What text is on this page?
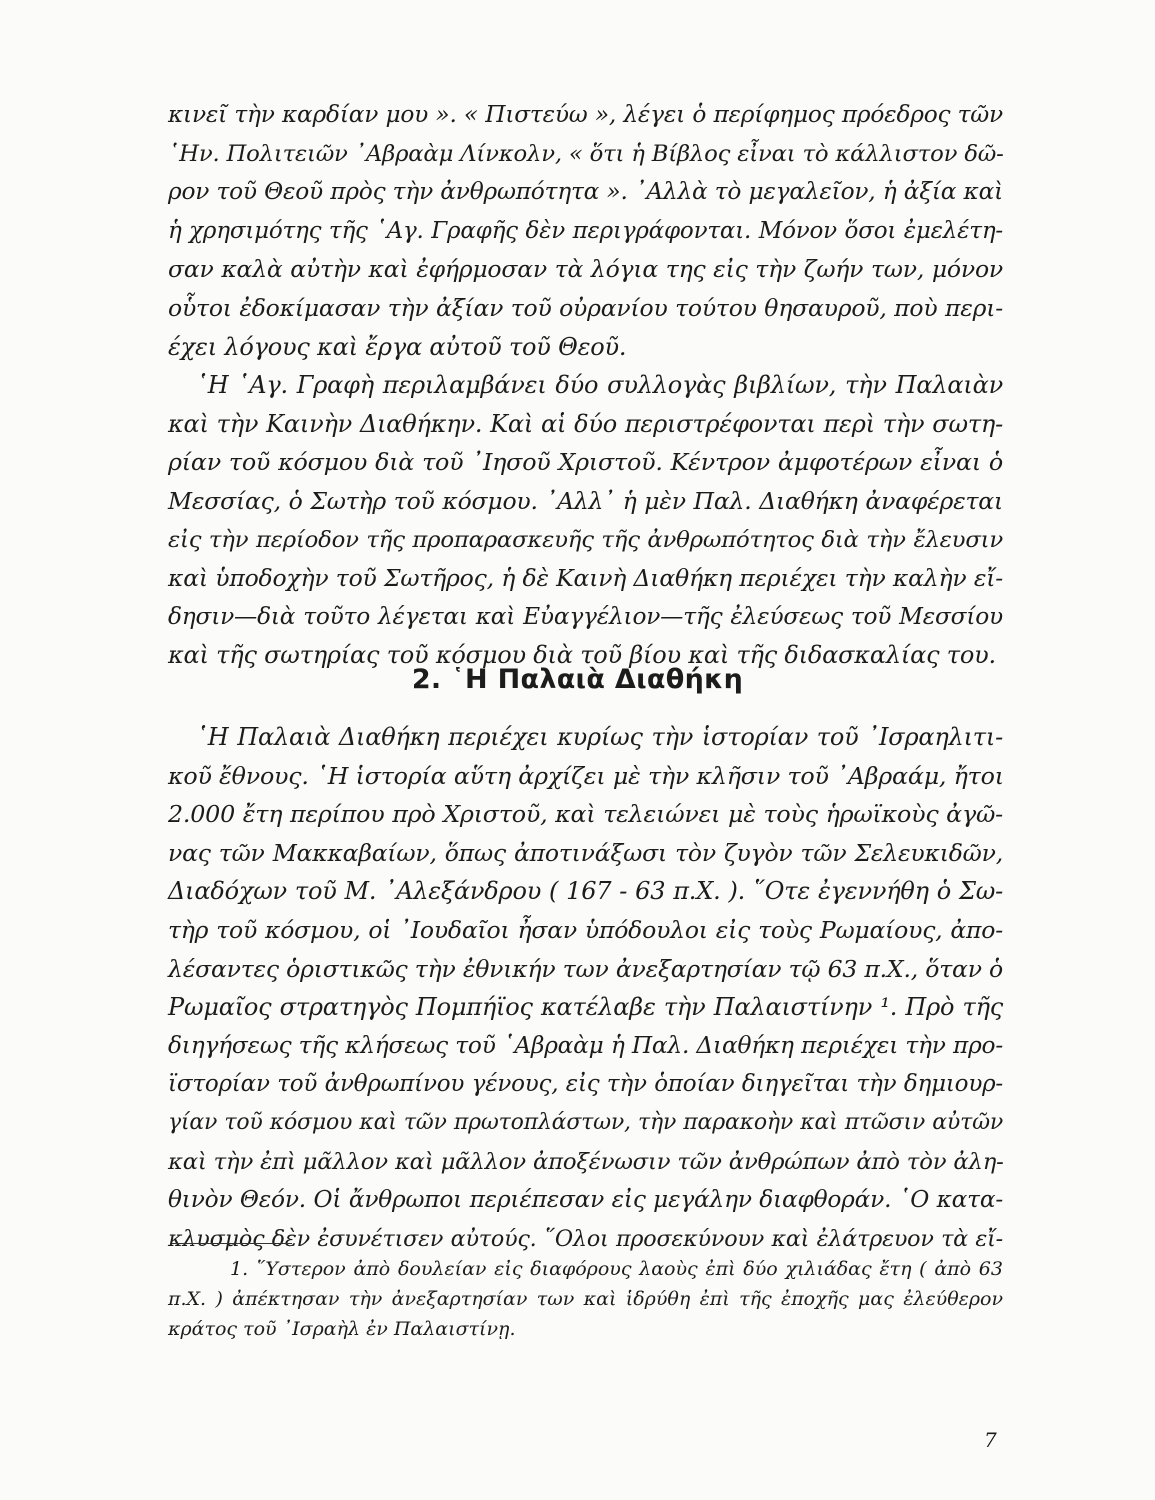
κινεῖ τὴν καρδίαν μου ». « Πιστεύω », λέγει ὁ περίφημος πρόεδρος τῶν
῾Ην. Πολιτειῶν ᾿Αβραὰμ Λίνκολν, « ὅτι ἡ Βίβλος εἶναι τὸ κάλλιστον δῶ-
ρον τοῦ Θεοῦ πρὸς τὴν ἀνθρωπότητα ». ᾿Αλλὰ τὸ μεγαλεῖον, ἡ ἀξία καὶ
ἡ χρησιμότης τῆς ῾Αγ. Γραφῆς δὲν περιγράφονται. Μόνον ὅσοι ἐμελέτη-
σαν καλὰ αὐτὴν καὶ ἐφήρμοσαν τὰ λόγια της εἰς τὴν ζωήν των, μόνον
οὗτοι ἐδοκίμασαν τὴν ἀξίαν τοῦ οὐρανίου τούτου θησαυροῦ, ποὺ περι-
έχει λόγους καὶ ἔργα αὐτοῦ τοῦ Θεοῦ.
῾Η ῾Αγ. Γραφὴ περιλαμβάνει δύο συλλογὰς βιβλίων, τὴν Παλαιὰν
καὶ τὴν Καινὴν Διαθήκην. Καὶ αἱ δύο περιστρέφονται περὶ τὴν σωτη-
ρίαν τοῦ κόσμου διὰ τοῦ ᾿Ιησοῦ Χριστοῦ. Κέντρον ἀμφοτέρων εἶναι ὁ
Μεσσίας, ὁ Σωτὴρ τοῦ κόσμου. ᾿Αλλ᾿ ἡ μὲν Παλ. Διαθήκη ἀναφέρεται
εἰς τὴν περίοδον τῆς προπαρασκευῆς τῆς ἀνθρωπότητος διὰ τὴν ἔλευσιν
καὶ ὑποδοχὴν τοῦ Σωτῆρος, ἡ δὲ Καινὴ Διαθήκη περιέχει τὴν καλὴν εἴ-
δησιν—διὰ τοῦτο λέγεται καὶ Εὐαγγέλιον—τῆς ἐλεύσεως τοῦ Μεσσίου
καὶ τῆς σωτηρίας τοῦ κόσμου διὰ τοῦ βίου καὶ τῆς διδασκαλίας του.
2. ῾Η Παλαιὰ Διαθήκη
῾Η Παλαιὰ Διαθήκη περιέχει κυρίως τὴν ἱστορίαν τοῦ ᾿Ισραηλιτι-
κοῦ ἔθνους. ῾Η ἱστορία αὕτη ἀρχίζει μὲ τὴν κλῆσιν τοῦ ᾿Αβραάμ, ἤτοι
2.000 ἔτη περίπου πρὸ Χριστοῦ, καὶ τελειώνει μὲ τοὺς ἡρωϊκοὺς ἀγῶ-
νας τῶν Μακκαβαίων, ὅπως ἀποτινάξωσι τὸν ζυγὸν τῶν Σελευκιδῶν,
Διαδόχων τοῦ Μ. ᾿Αλεξάνδρου ( 167 - 63 π.Χ. ). ῞Οτε ἐγεννήθη ὁ Σω-
τὴρ τοῦ κόσμου, οἱ ᾿Ιουδαῖοι ἦσαν ὑπόδουλοι εἰς τοὺς Ρωμαίους, ἀπο-
λέσαντες ὁριστικῶς τὴν ἐθνικήν των ἀνεξαρτησίαν τῷ 63 π.Χ., ὅταν ὁ
Ρωμαῖος στρατηγὸς Πομπήϊος κατέλαβε τὴν Παλαιστίνην ¹. Πρὸ τῆς
διηγήσεως τῆς κλήσεως τοῦ ῾Αβραὰμ ἡ Παλ. Διαθήκη περιέχει τὴν προ-
ϊστορίαν τοῦ ἀνθρωπίνου γένους, εἰς τὴν ὁποίαν διηγεῖται τὴν δημιουρ-
γίαν τοῦ κόσμου καὶ τῶν πρωτοπλάστων, τὴν παρακοὴν καὶ πτῶσιν αὐτῶν
καὶ τὴν ἐπὶ μᾶλλον καὶ μᾶλλον ἀποξένωσιν τῶν ἀνθρώπων ἀπὸ τὸν ἀλη-
θινὸν Θεόν. Οἱ ἄνθρωποι περιέπεσαν εἰς μεγάλην διαφθοράν. ῾Ο κατα-
κλυσμὸς δὲν ἐσυνέτισεν αὐτούς. ῞Ολοι προσεκύνουν καὶ ἐλάτρευον τὰ εἴ-
1. ῞Υστερον ἀπὸ δουλείαν εἰς διαφόρους λαοὺς ἐπὶ δύο χιλιάδας ἔτη ( ἀπὸ 63
π.Χ. ) ἀπέκτησαν τὴν ἀνεξαρτησίαν των καὶ ἱδρύθη ἐπὶ τῆς ἐποχῆς μας ἐλεύθερον
κράτος τοῦ ᾿Ισραὴλ ἐν Παλαιστίνῃ.
7
